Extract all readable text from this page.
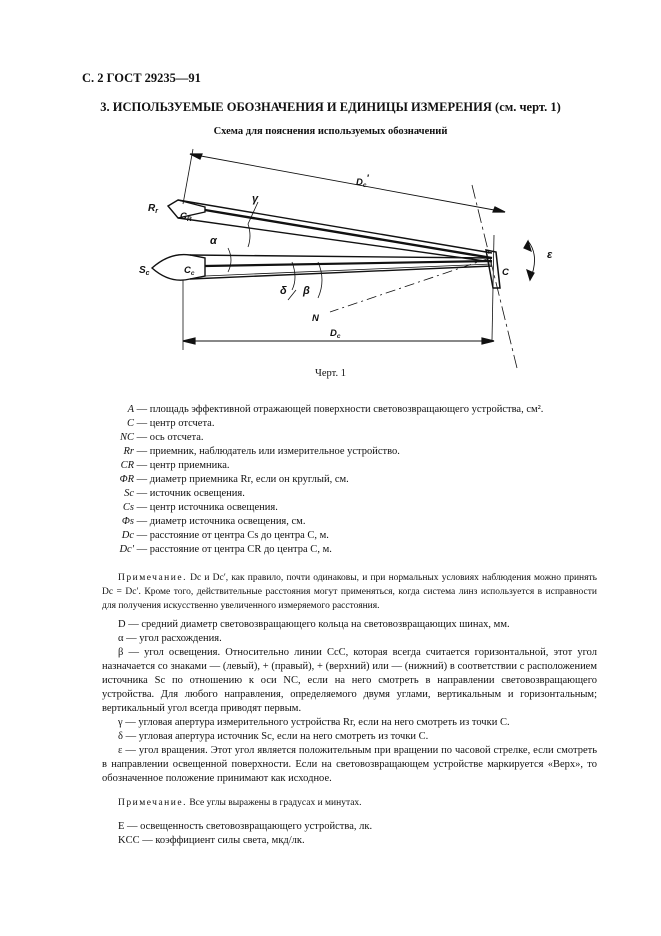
С. 2 ГОСТ 29235—91
3. ИСПОЛЬЗУЕМЫЕ ОБОЗНАЧЕНИЯ И ЕДИНИЦЫ ИЗМЕРЕНИЯ (см. черт. 1)
Схема для пояснения используемых обозначений
$R_r$ $C_R$
$S_c$	$C_c$
γ
α
δ β
N
C
ε
$D_c$
$D_c'$
Черт. 1
A — площадь эффективной отражающей поверхности световозвращающего устройства, см².
C — центр отсчета.
NC — ось отсчета.
Rr — приемник, наблюдатель или измерительное устройство.
CR — центр приемника.
ΦR — диаметр приемника Rr, если он круглый, см.
Sc — источник освещения.
Cs — центр источника освещения.
Φs — диаметр источника освещения, см.
Dc — расстояние от центра Cs до центра C, м.
Dc′ — расстояние от центра CR до центра C, м.

Примечание. Dc и Dc′, как правило, почти одинаковы, и при нормальных условиях наблюдения можно принять Dc = Dc′. Кроме того, действительные расстояния могут применяться, когда система линз используется в исправности для получения искусственно увеличенного измеряемого расстояния.

D — средний диаметр световозвращающего кольца на световозвращающих шинах, мм.

α — угол расхождения.

β — угол освещения. Относительно линии CcC, которая всегда считается горизонтальной, этот угол назначается со знаками — (левый), + (правый), + (верхний) или — (нижний) в соответствии с расположением источника Sc по отношению к оси NC, если на него смотреть в направлении световозвращающего устройства. Для любого направления, определяемого двумя углами, вертикальным и горизонтальным; вертикальный угол всегда приводят первым.

γ — угловая апертура измерительного устройства Rr, если на него смотреть из точки C.

δ — угловая апертура источник Sc, если на него смотреть из точки C.

ε — угол вращения. Этот угол является положительным при вращении по часовой стрелке, если смотреть в направлении освещенной поверхности. Если на световозвращающем устройстве маркируется «Верх», то обозначенное положение принимают как исходное.

Примечание. Все углы выражены в градусах и минутах.

E — освещенность световозвращающего устройства, лк.

KCC — коэффициент силы света, мкд/лк.
